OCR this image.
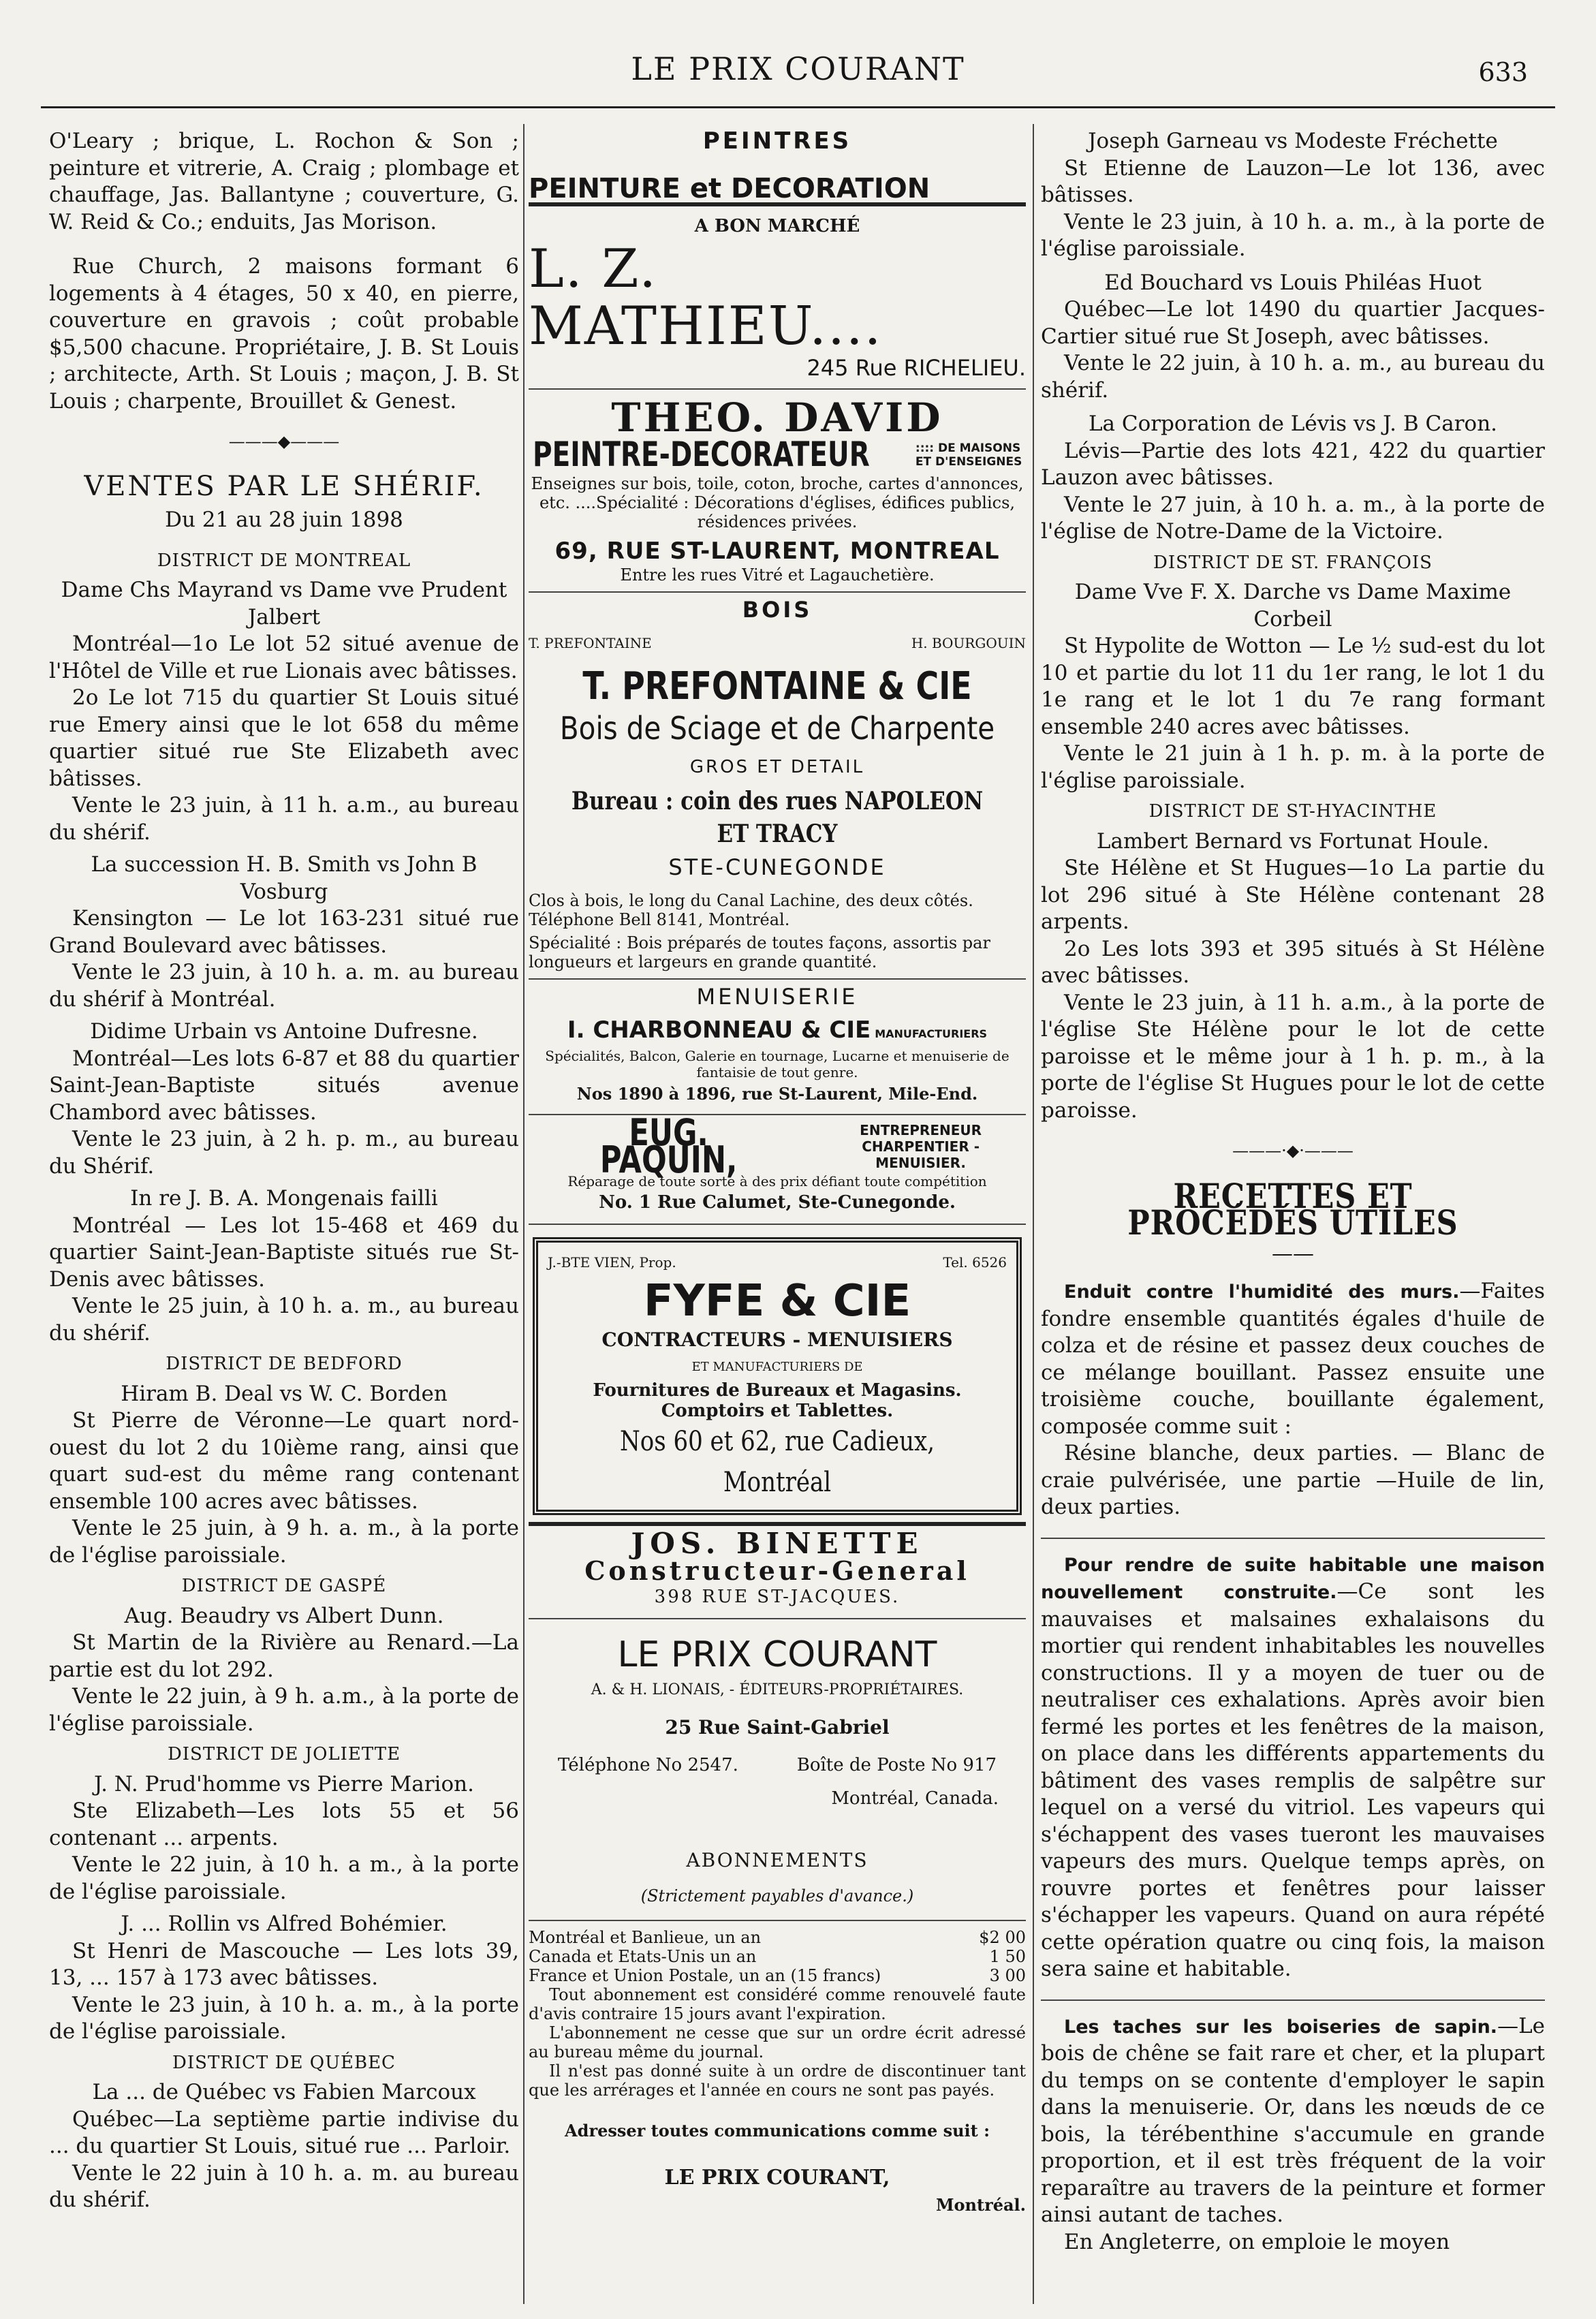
LE PRIX COURANT	633

O'Leary ; brique, L. Rochon & Son ; peinture et vitrerie, A. Craig ; plombage et chauffage, Jas. Ballantyne ; couverture, G. W. Reid & Co.; enduits, Jas Morison.

Rue Church, 2 maisons formant 6 logements à 4 étages, 50 x 40, en pierre, couverture en gravois ; coût probable $5,500 chacune. Propriétaire, J. B. St Louis ; architecte, Arth. St Louis ; maçon, J. B. St Louis ; charpente, Brouillet & Genest.

———◆———
VENTES PAR LE SHÉRIF.

Du 21 au 28 juin 1898

DISTRICT DE MONTREAL

Dame Chs Mayrand vs Dame vve Prudent Jalbert

Montréal—1o Le lot 52 situé avenue de l'Hôtel de Ville et rue Lionais avec bâtisses.

2o Le lot 715 du quartier St Louis situé rue Emery ainsi que le lot 658 du même quartier situé rue Ste Elizabeth avec bâtisses.

Vente le 23 juin, à 11 h. a.m., au bureau du shérif.

La succession H. B. Smith vs John B Vosburg

Kensington — Le lot 163-231 situé rue Grand Boulevard avec bâtisses.

Vente le 23 juin, à 10 h. a. m. au bureau du shérif à Montréal.

Didime Urbain vs Antoine Dufresne.

Montréal—Les lots 6-87 et 88 du quartier Saint-Jean-Baptiste situés avenue Chambord avec bâtisses.

Vente le 23 juin, à 2 h. p. m., au bureau du Shérif.

In re J. B. A. Mongenais failli

Montréal — Les lot 15-468 et 469 du quartier Saint-Jean-Baptiste situés rue St-Denis avec bâtisses.

Vente le 25 juin, à 10 h. a. m., au bureau du shérif.

DISTRICT DE BEDFORD

Hiram B. Deal vs W. C. Borden

St Pierre de Véronne—Le quart nord-ouest du lot 2 du 10ième rang, ainsi que quart sud-est du même rang contenant ensemble 100 acres avec bâtisses.

Vente le 25 juin, à 9 h. a. m., à la porte de l'église paroissiale.

DISTRICT DE GASPÉ

Aug. Beaudry vs Albert Dunn.

St Martin de la Rivière au Renard.—La partie est du lot 292.

Vente le 22 juin, à 9 h. a.m., à la porte de l'église paroissiale.

DISTRICT DE JOLIETTE

J. N. Prud'homme vs Pierre Marion.

Ste Elizabeth—Les lots 55 et 56 contenant ... arpents.

Vente le 22 juin, à 10 h. a m., à la porte de l'église paroissiale.

J. ... Rollin vs Alfred Bohémier.

St Henri de Mascouche — Les lots 39, 13, ... 157 à 173 avec bâtisses.

Vente le 23 juin, à 10 h. a. m., à la porte de l'église paroissiale.

DISTRICT DE QUÉBEC

La ... de Québec vs Fabien Marcoux

Québec—La septième partie indivise du ... du quartier St Louis, situé rue ... Parloir.

Vente le 22 juin à 10 h. a. m. au bureau du shérif.

PEINTRES
PEINTURE et DECORATION
A BON MARCHÉ
L. Z. MATHIEU....
245 Rue RICHELIEU.
THEO. DAVID
PEINTRE-DECORATEUR	:::: DE MAISONS
ET D'ENSEIGNES
Enseignes sur bois, toile, coton, broche, cartes d'annonces, etc. ....Spécialité : Décorations d'églises, édifices publics, résidences privées.
69, RUE ST-LAURENT, MONTREAL
Entre les rues Vitré et Lagauchetière.
BOIS
T. PREFONTAINE	H. BOURGOUIN
T. PREFONTAINE & CIE
Bois de Sciage et de Charpente
GROS ET DETAIL
Bureau : coin des rues NAPOLEON ET TRACY
STE-CUNEGONDE
Clos à bois, le long du Canal Lachine, des deux côtés. Téléphone Bell 8141, Montréal.
Spécialité : Bois préparés de toutes façons, assortis par longueurs et largeurs en grande quantité.
MENUISERIE
I. CHARBONNEAU & CIE MANUFACTURIERS
Spécialités, Balcon, Galerie en tournage, Lucarne et menuiserie de fantaisie de tout genre.
Nos 1890 à 1896, rue St-Laurent, Mile-End.
EUG. PAQUIN,
ENTREPRENEUR
CHARPENTIER - MENUISIER.
Réparage de toute sorte à des prix défiant toute compétition
No. 1 Rue Calumet, Ste-Cunegonde.
J.-BTE VIEN, Prop.	Tel. 6526
FYFE & CIE
CONTRACTEURS - MENUISIERS
ET MANUFACTURIERS DE
Fournitures de Bureaux et Magasins. Comptoirs et Tablettes.
Nos 60 et 62, rue Cadieux, Montréal
JOS. BINETTE
Constructeur-General
398 RUE ST-JACQUES.
LE PRIX COURANT
A. & H. LIONAIS, - ÉDITEURS-PROPRIÉTAIRES.
25 Rue Saint-Gabriel
Téléphone No 2547.	Boîte de Poste No 917
Montréal, Canada.
ABONNEMENTS
(Strictement payables d'avance.)
Montréal et Banlieue, un an	$2 00
Canada et Etats-Unis un an	1 50
France et Union Postale, un an (15 francs)	3 00
Tout abonnement est considéré comme renouvelé faute d'avis contraire 15 jours avant l'expiration.
L'abonnement ne cesse que sur un ordre écrit adressé au bureau même du journal.
Il n'est pas donné suite à un ordre de discontinuer tant que les arrérages et l'année en cours ne sont pas payés.
Adresser toutes communications comme suit :
LE PRIX COURANT,
Montréal.

Joseph Garneau vs Modeste Fréchette

St Etienne de Lauzon—Le lot 136, avec bâtisses.

Vente le 23 juin, à 10 h. a. m., à la porte de l'église paroissiale.

Ed Bouchard vs Louis Philéas Huot

Québec—Le lot 1490 du quartier Jacques-Cartier situé rue St Joseph, avec bâtisses.

Vente le 22 juin, à 10 h. a. m., au bureau du shérif.

La Corporation de Lévis vs J. B Caron.

Lévis—Partie des lots 421, 422 du quartier Lauzon avec bâtisses.

Vente le 27 juin, à 10 h. a. m., à la porte de l'église de Notre-Dame de la Victoire.

DISTRICT DE ST. FRANÇOIS

Dame Vve F. X. Darche vs Dame Maxime Corbeil

St Hypolite de Wotton — Le ½ sud-est du lot 10 et partie du lot 11 du 1er rang, le lot 1 du 1e rang et le lot 1 du 7e rang formant ensemble 240 acres avec bâtisses.

Vente le 21 juin à 1 h. p. m. à la porte de l'église paroissiale.

DISTRICT DE ST-HYACINTHE

Lambert Bernard vs Fortunat Houle.

Ste Hélène et St Hugues—1o La partie du lot 296 situé à Ste Hélène contenant 28 arpents.

2o Les lots 393 et 395 situés à St Hélène avec bâtisses.

Vente le 23 juin, à 11 h. a.m., à la porte de l'église Ste Hélène pour le lot de cette paroisse et le même jour à 1 h. p. m., à la porte de l'église St Hugues pour le lot de cette paroisse.

———·◆·———
RECETTES ET PROCÉDÉS UTILES
——

Enduit contre l'humidité des murs.—Faites fondre ensemble quantités égales d'huile de colza et de résine et passez deux couches de ce mélange bouillant. Passez ensuite une troisième couche, bouillante également, composée comme suit :

Résine blanche, deux parties. — Blanc de craie pulvérisée, une partie —Huile de lin, deux parties.

Pour rendre de suite habitable une maison nouvellement construite.—Ce sont les mauvaises et malsaines exhalaisons du mortier qui rendent inhabitables les nouvelles constructions. Il y a moyen de tuer ou de neutraliser ces exhalations. Après avoir bien fermé les portes et les fenêtres de la maison, on place dans les différents appartements du bâtiment des vases remplis de salpêtre sur lequel on a versé du vitriol. Les vapeurs qui s'échappent des vases tueront les mauvaises vapeurs des murs. Quelque temps après, on rouvre portes et fenêtres pour laisser s'échapper les vapeurs. Quand on aura répété cette opération quatre ou cinq fois, la maison sera saine et habitable.

Les taches sur les boiseries de sapin.—Le bois de chêne se fait rare et cher, et la plupart du temps on se contente d'employer le sapin dans la menuiserie. Or, dans les nœuds de ce bois, la térébenthine s'accumule en grande proportion, et il est très fréquent de la voir reparaître au travers de la peinture et former ainsi autant de taches.

En Angleterre, on emploie le moyen
